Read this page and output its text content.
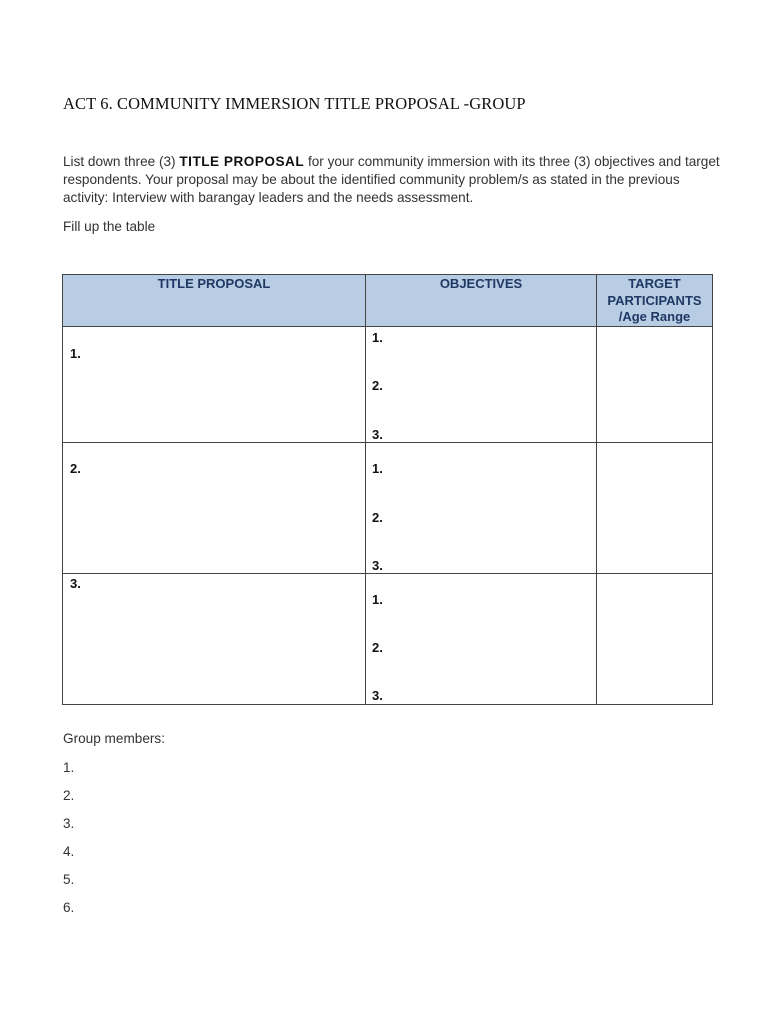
ACT 6. COMMUNITY IMMERSION TITLE PROPOSAL -GROUP

List down three (3) TITLE PROPOSAL for your community immersion with its three (3) objectives and target respondents. Your proposal may be about the identified community problem/s as stated in the previous activity: Interview with barangay leaders and the needs assessment.

Fill up the table

TITLE PROPOSAL	OBJECTIVES	TARGET PARTICIPANTS /Age Range

1.	1.
2.
3.	

2.	1.
2.
3.	

3.	1.
2.
3.	

Group members:

1.

2.

3.

4.

5.

6.
